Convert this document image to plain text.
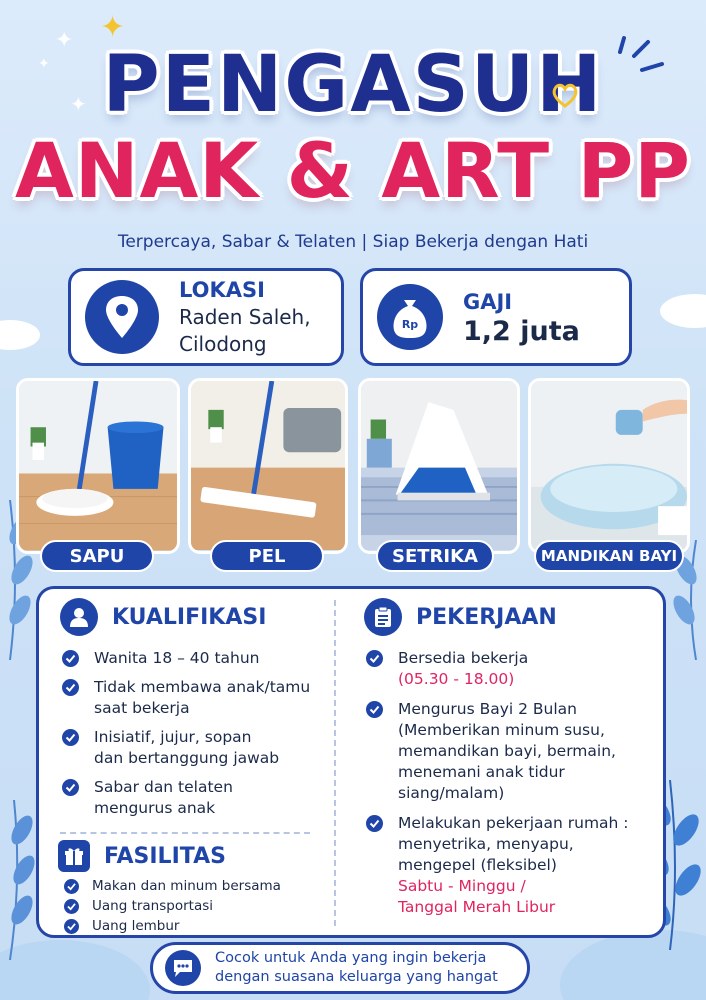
✦
✦
✦
✦ PENGASUH
ANAK & ART PP
Terpercaya, Sabar & Telaten | Siap Bekerja dengan Hati
LOKASI
Raden Saleh,
Cilodong
Rp
GAJI
1,2 juta
SAPU	PEL	SETRIKA	MANDIKAN BAYI
KUALIFIKASI
Wanita 18 – 40 tahun
Tidak membawa anak/tamu
saat bekerja
Inisiatif, jujur, sopan
dan bertanggung jawab
Sabar dan telaten
mengurus anak
FASILITAS
Makan dan minum bersama
Uang transportasi
Uang lembur
PEKERJAAN
Bersedia bekerja
(05.30 - 18.00)
Mengurus Bayi 2 Bulan
(Memberikan minum susu,
memandikan bayi, bermain,
menemani anak tidur
siang/malam)
Melakukan pekerjaan rumah :
menyetrika, menyapu,
mengepel (fleksibel)
Sabtu - Minggu /
Tanggal Merah Libur
Cocok untuk Anda yang ingin bekerja
dengan suasana keluarga yang hangat
